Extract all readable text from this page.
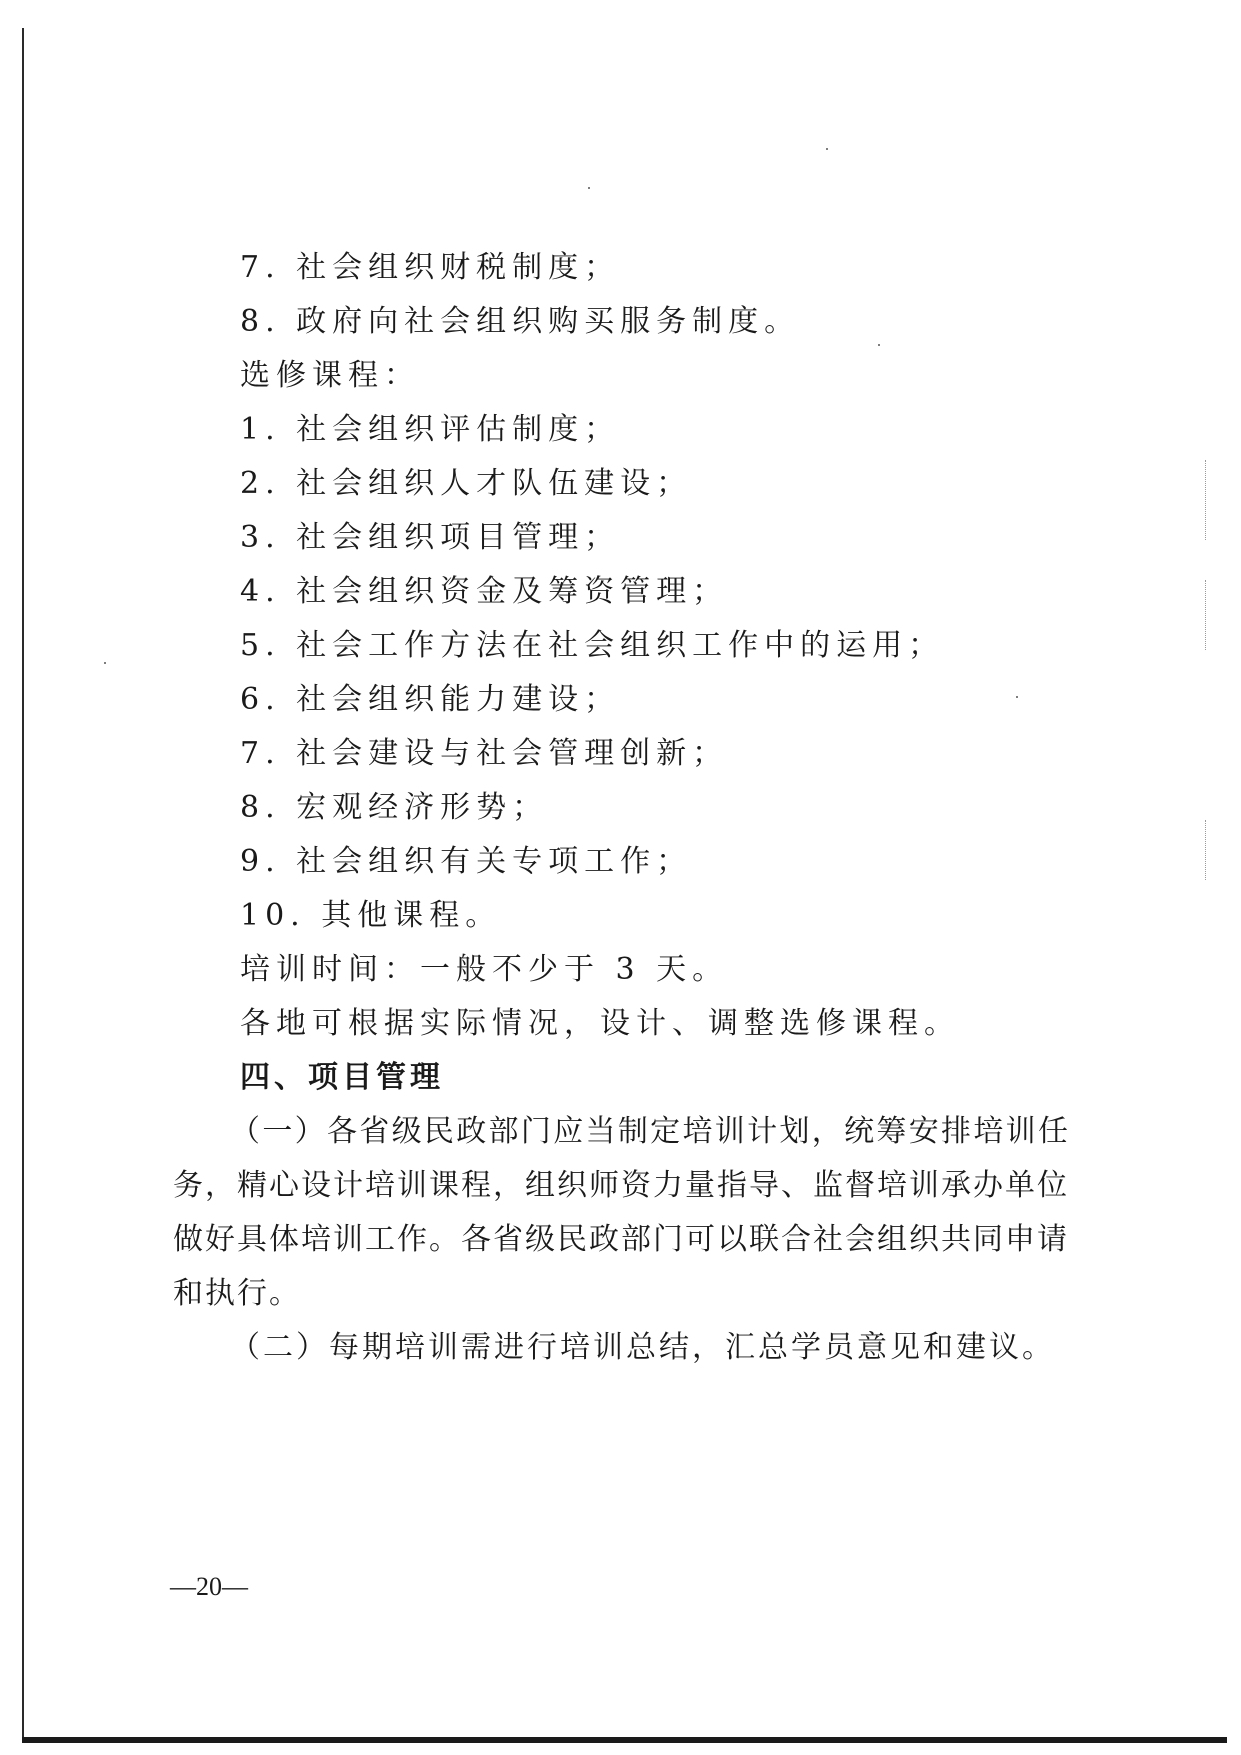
7. 社会组织财税制度；
8. 政府向社会组织购买服务制度。
选修课程：
1. 社会组织评估制度；
2. 社会组织人才队伍建设；
3. 社会组织项目管理；
4. 社会组织资金及筹资管理；
5. 社会工作方法在社会组织工作中的运用；
6. 社会组织能力建设；
7. 社会建设与社会管理创新；
8. 宏观经济形势；
9. 社会组织有关专项工作；
10. 其他课程。
培训时间：一般不少于 3 天。
各地可根据实际情况，设计、调整选修课程。
四、项目管理
（一）各省级民政部门应当制定培训计划，统筹安排培训任
务，精心设计培训课程，组织师资力量指导、监督培训承办单位
做好具体培训工作。各省级民政部门可以联合社会组织共同申请
和执行。
（二）每期培训需进行培训总结，汇总学员意见和建议。
—20—
